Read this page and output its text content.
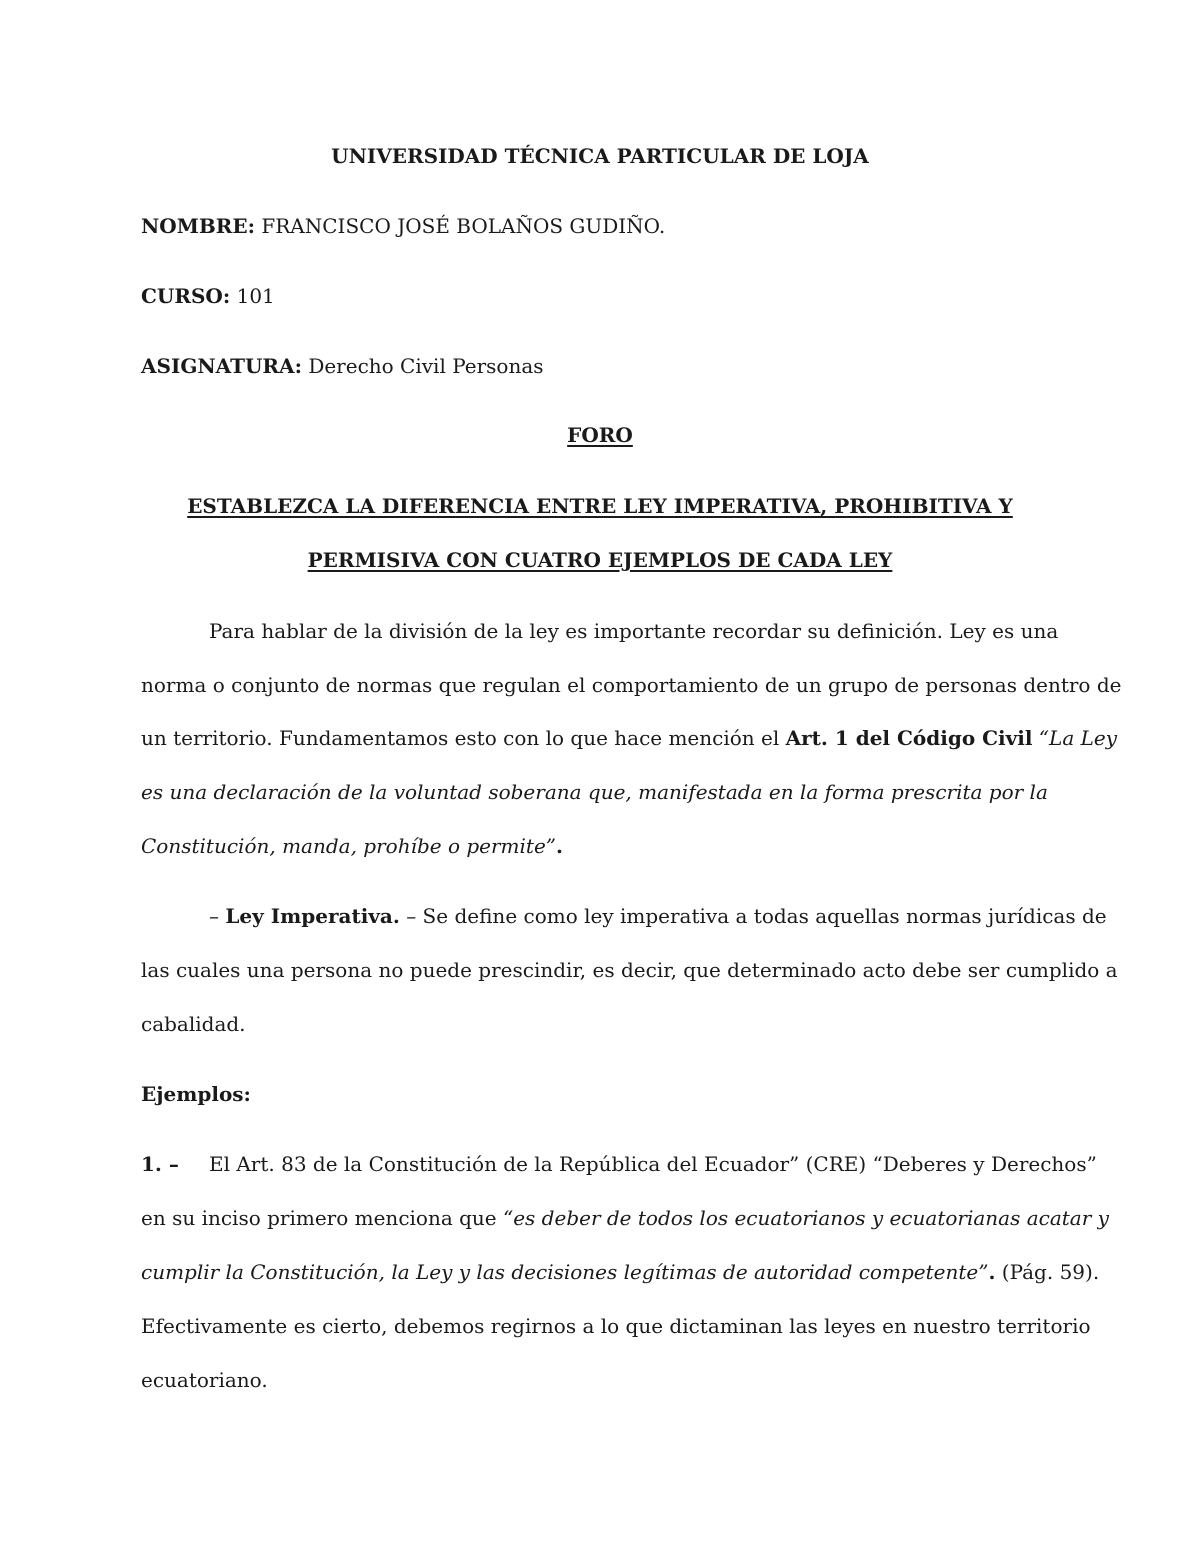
UNIVERSIDAD TÉCNICA PARTICULAR DE LOJA
NOMBRE: FRANCISCO JOSÉ BOLAÑOS GUDIÑO.
CURSO: 101
ASIGNATURA: Derecho Civil Personas
FORO
ESTABLEZCA LA DIFERENCIA ENTRE LEY IMPERATIVA, PROHIBITIVA Y
PERMISIVA CON CUATRO EJEMPLOS DE CADA LEY
Para hablar de la división de la ley es importante recordar su definición. Ley es una
norma o conjunto de normas que regulan el comportamiento de un grupo de personas dentro de
un territorio. Fundamentamos esto con lo que hace mención el Art. 1 del Código Civil “La Ley
es una declaración de la voluntad soberana que, manifestada en la forma prescrita por la
Constitución, manda, prohíbe o permite”.
– Ley Imperativa. – Se define como ley imperativa a todas aquellas normas jurídicas de
las cuales una persona no puede prescindir, es decir, que determinado acto debe ser cumplido a
cabalidad.
Ejemplos:
1. – El Art. 83 de la Constitución de la República del Ecuador” (CRE) “Deberes y Derechos”
en su inciso primero menciona que “es deber de todos los ecuatorianos y ecuatorianas acatar y
cumplir la Constitución, la Ley y las decisiones legítimas de autoridad competente”. (Pág. 59).
Efectivamente es cierto, debemos regirnos a lo que dictaminan las leyes en nuestro territorio
ecuatoriano.
